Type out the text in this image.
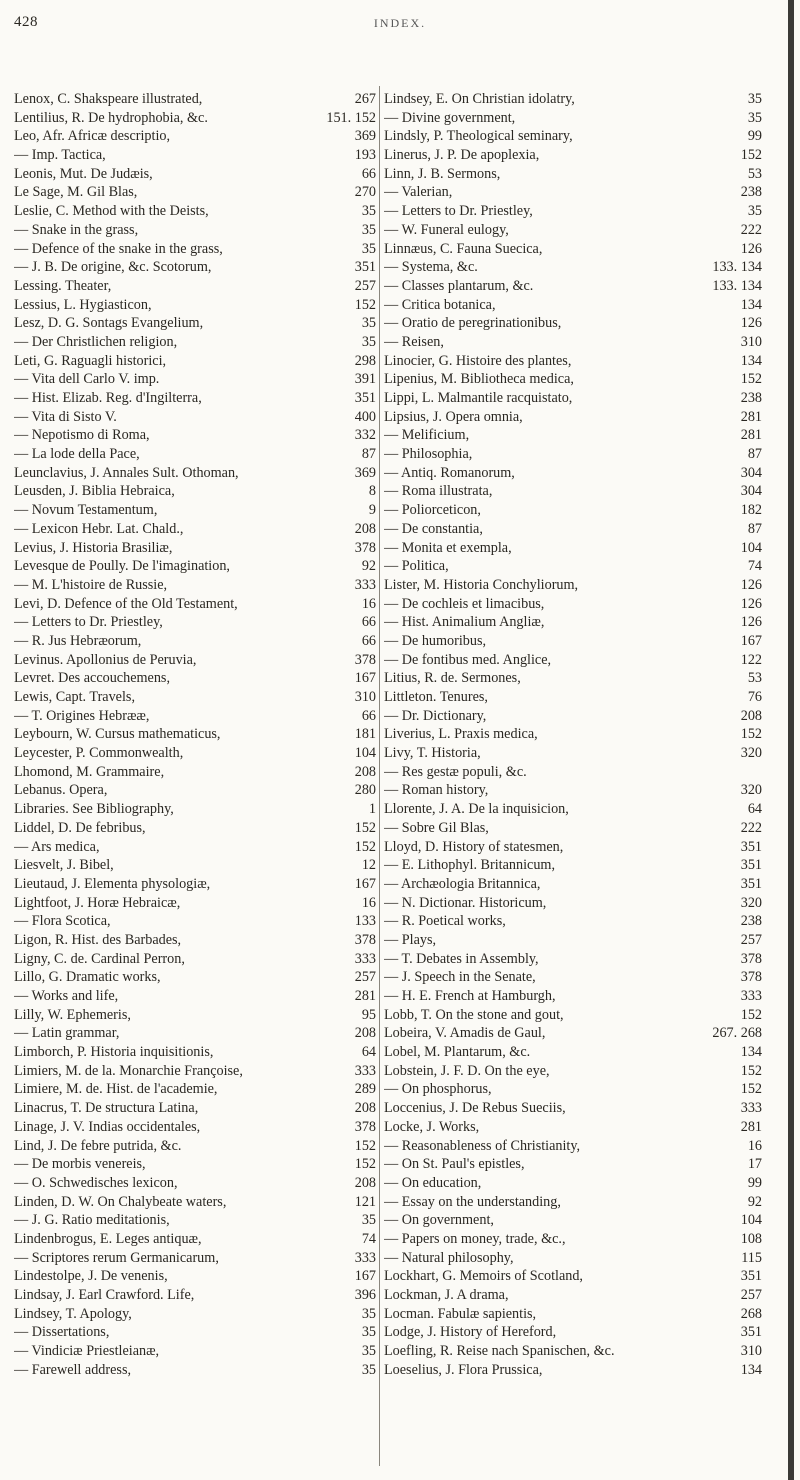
428	INDEX.
Lenox, C. Shakspeare illustrated,	267
Lentilius, R. De hydrophobia, &c.	151. 152
Leo, Afr. Africæ descriptio,	369
— Imp. Tactica,	193
Leonis, Mut. De Judæis,	66
Le Sage, M. Gil Blas,	270
Leslie, C. Method with the Deists,	35
— Snake in the grass,	35
— Defence of the snake in the grass,	35
— J. B. De origine, &c. Scotorum,	351
Lessing. Theater,	257
Lessius, L. Hygiasticon,	152
Lesz, D. G. Sontags Evangelium,	35
— Der Christlichen religion,	35
Leti, G. Raguagli historici,	298
— Vita dell Carlo V. imp.	391
— Hist. Elizab. Reg. d'Ingilterra,	351
— Vita di Sisto V.	400
— Nepotismo di Roma,	332
— La lode della Pace,	87
Leunclavius, J. Annales Sult. Othoman,	369
Leusden, J. Biblia Hebraica,	8
— Novum Testamentum,	9
— Lexicon Hebr. Lat. Chald.,	208
Levius, J. Historia Brasiliæ,	378
Levesque de Poully. De l'imagination,	92
— M. L'histoire de Russie,	333
Levi, D. Defence of the Old Testament,	16
— Letters to Dr. Priestley,	66
— R. Jus Hebræorum,	66
Levinus. Apollonius de Peruvia,	378
Levret. Des accouchemens,	167
Lewis, Capt. Travels,	310
— T. Origines Hebrææ,	66
Leybourn, W. Cursus mathematicus,	181
Leycester, P. Commonwealth,	104
Lhomond, M. Grammaire,	208
Lebanus. Opera,	280
Libraries. See Bibliography,	1
Liddel, D. De febribus,	152
— Ars medica,	152
Liesvelt, J. Bibel,	12
Lieutaud, J. Elementa physologiæ,	167
Lightfoot, J. Horæ Hebraicæ,	16
— Flora Scotica,	133
Ligon, R. Hist. des Barbades,	378
Ligny, C. de. Cardinal Perron,	333
Lillo, G. Dramatic works,	257
— Works and life,	281
Lilly, W. Ephemeris,	95
— Latin grammar,	208
Limborch, P. Historia inquisitionis,	64
Limiers, M. de la. Monarchie Françoise,	333
Limiere, M. de. Hist. de l'academie,	289
Linacrus, T. De structura Latina,	208
Linage, J. V. Indias occidentales,	378
Lind, J. De febre putrida, &c.	152
— De morbis venereis,	152
— O. Schwedisches lexicon,	208
Linden, D. W. On Chalybeate waters,	121
— J. G. Ratio meditationis,	35
Lindenbrogus, E. Leges antiquæ,	74
— Scriptores rerum Germanicarum,	333
Lindestolpe, J. De venenis,	167
Lindsay, J. Earl Crawford. Life,	396
Lindsey, T. Apology,	35
— Dissertations,	35
— Vindiciæ Priestleianæ,	35
— Farewell address,	35
Lindsey, E. On Christian idolatry,	35
— Divine government,	35
Lindsly, P. Theological seminary,	99
Linerus, J. P. De apoplexia,	152
Linn, J. B. Sermons,	53
— Valerian,	238
— Letters to Dr. Priestley,	35
— W. Funeral eulogy,	222
Linnæus, C. Fauna Suecica,	126
— Systema, &c.	133. 134
— Classes plantarum, &c.	133. 134
— Critica botanica,	134
— Oratio de peregrinationibus,	126
— Reisen,	310
Linocier, G. Histoire des plantes,	134
Lipenius, M. Bibliotheca medica,	152
Lippi, L. Malmantile racquistato,	238
Lipsius, J. Opera omnia,	281
— Melificium,	281
— Philosophia,	87
— Antiq. Romanorum,	304
— Roma illustrata,	304
— Poliorceticon,	182
— De constantia,	87
— Monita et exempla,	104
— Politica,	74
Lister, M. Historia Conchyliorum,	126
— De cochleis et limacibus,	126
— Hist. Animalium Angliæ,	126
— De humoribus,	167
— De fontibus med. Anglice,	122
Litius, R. de. Sermones,	53
Littleton. Tenures,	76
— Dr. Dictionary,	208
Liverius, L. Praxis medica,	152
Livy, T. Historia,	320
— Res gestæ populi, &c.
— Roman history,	320
Llorente, J. A. De la inquisicion,	64
— Sobre Gil Blas,	222
Lloyd, D. History of statesmen,	351
— E. Lithophyl. Britannicum,	351
— Archæologia Britannica,	351
— N. Dictionar. Historicum,	320
— R. Poetical works,	238
— Plays,	257
— T. Debates in Assembly,	378
— J. Speech in the Senate,	378
— H. E. French at Hamburgh,	333
Lobb, T. On the stone and gout,	152
Lobeira, V. Amadis de Gaul,	267. 268
Lobel, M. Plantarum, &c.	134
Lobstein, J. F. D. On the eye,	152
— On phosphorus,	152
Loccenius, J. De Rebus Sueciis,	333
Locke, J. Works,	281
— Reasonableness of Christianity,	16
— On St. Paul's epistles,	17
— On education,	99
— Essay on the understanding,	92
— On government,	104
— Papers on money, trade, &c.,	108
— Natural philosophy,	115
Lockhart, G. Memoirs of Scotland,	351
Lockman, J. A drama,	257
Locman. Fabulæ sapientis,	268
Lodge, J. History of Hereford,	351
Loefling, R. Reise nach Spanischen, &c.	310
Loeselius, J. Flora Prussica,	134
